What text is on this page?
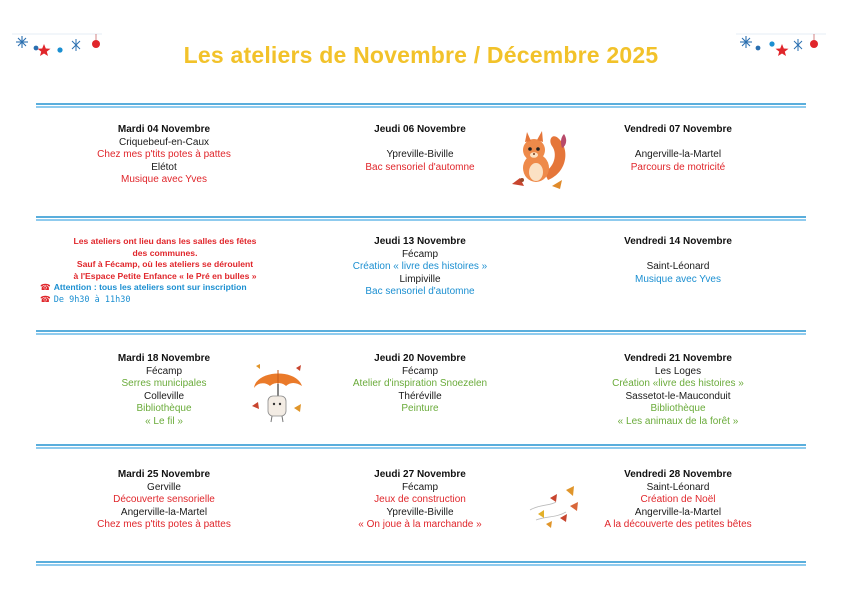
Les ateliers de Novembre / Décembre 2025
Mardi 04 Novembre
Criquebeuf-en-Caux
Chez mes p'tits potes à pattes
Elétot
Musique avec Yves
Jeudi 06 Novembre
Ypreville-Biville
Bac sensoriel d'automne
Vendredi 07 Novembre
Angerville-la-Martel
Parcours de motricité
Les ateliers ont lieu dans les salles des fêtes
des communes.
Sauf à Fécamp, où les ateliers se déroulent
à l'Espace Petite Enfance « le Pré en bulles »
☎ Attention : tous les ateliers sont sur inscription
☎ De 9h30 à 11h30
Jeudi 13 Novembre
Fécamp
Création « livre des histoires »
Limpiville
Bac sensoriel d'automne
Vendredi 14 Novembre
Saint-Léonard
Musique avec Yves
Mardi 18 Novembre
Fécamp
Serres municipales
Colleville
Bibliothèque
« Le fil »
Jeudi 20 Novembre
Fécamp
Atelier d'inspiration Snoezelen
Théréville
Peinture
Vendredi 21 Novembre
Les Loges
Création «livre des histoires »
Sassetot-le-Mauconduit
Bibliothèque
« Les animaux de la forêt »
Mardi 25 Novembre
Gerville
Découverte sensorielle
Angerville-la-Martel
Chez mes p'tits potes à pattes
Jeudi 27 Novembre
Fécamp
Jeux de construction
Ypreville-Biville
« On joue à la marchande »
Vendredi 28 Novembre
Saint-Léonard
Création de Noël
Angerville-la-Martel
A la découverte des petites bêtes
